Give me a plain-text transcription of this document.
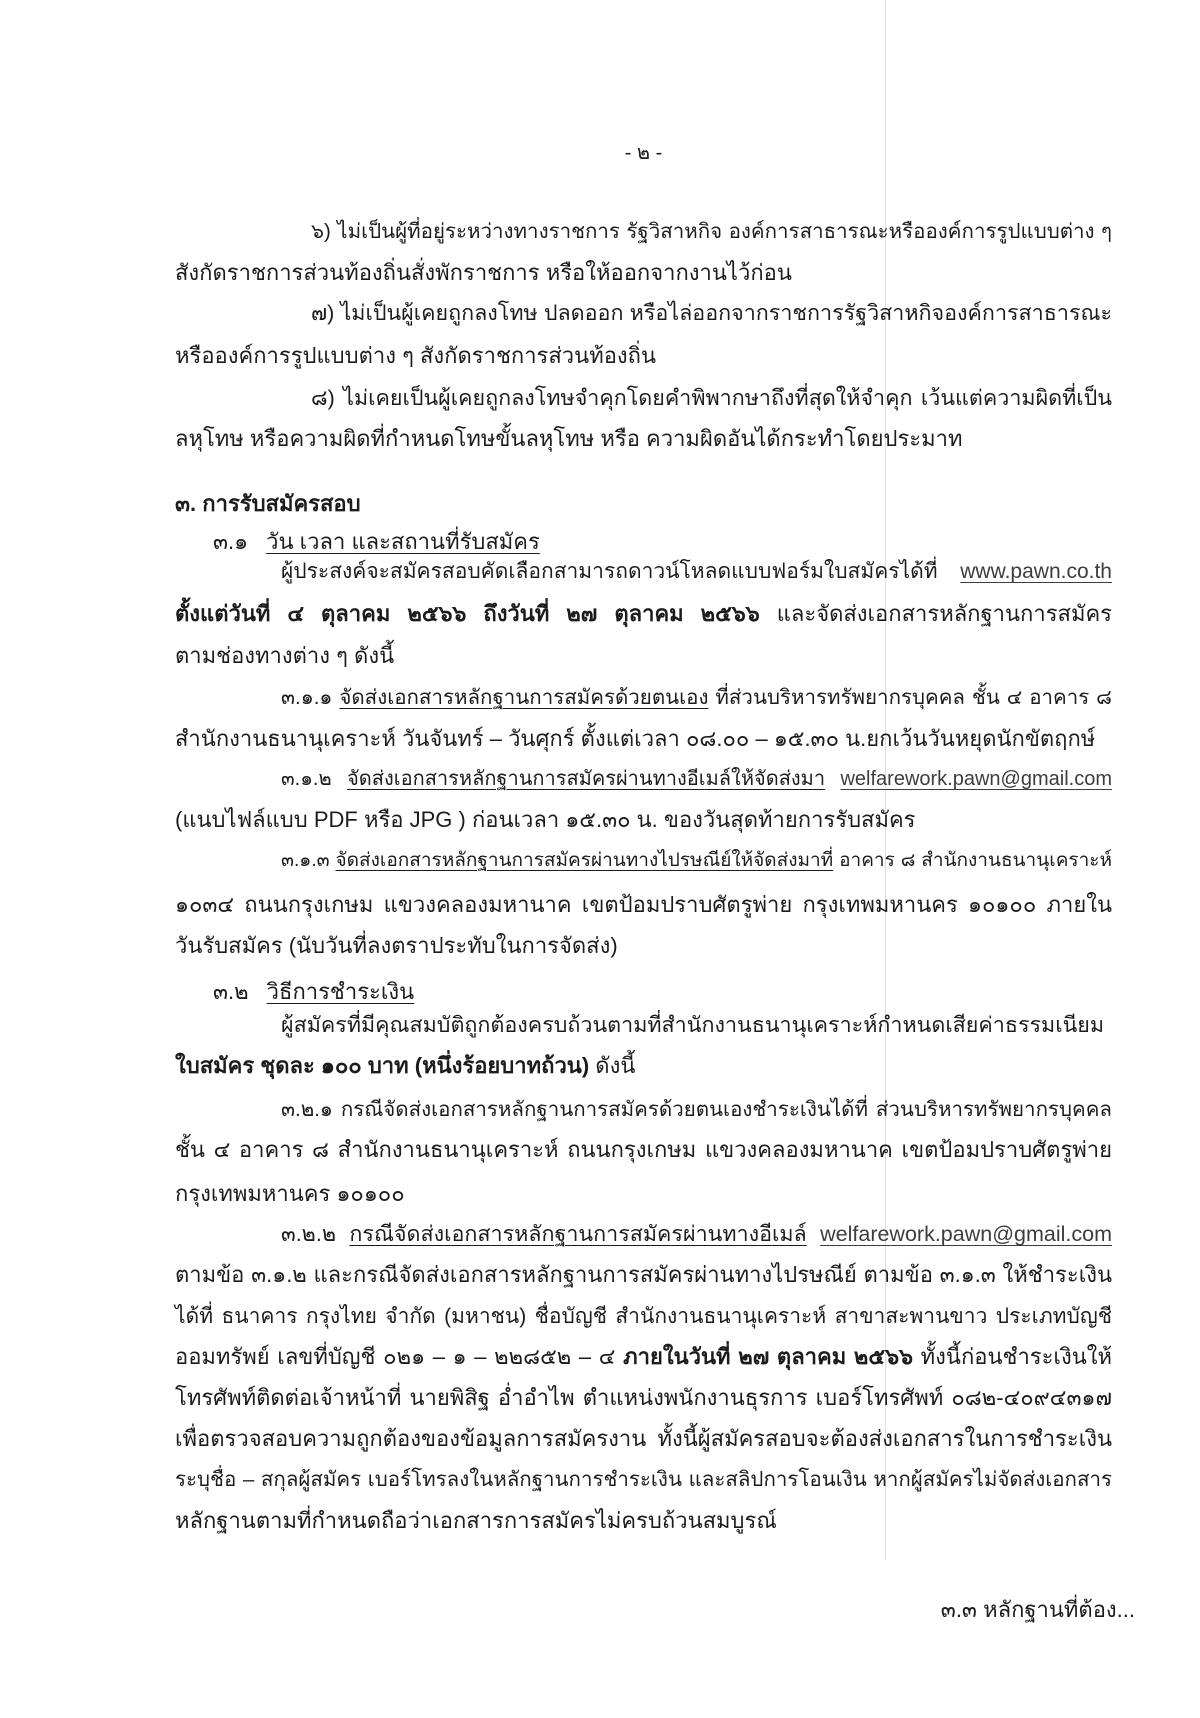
- ๒ -
๖) ไม่เป็นผู้ที่อยู่ระหว่างทางราชการ รัฐวิสาหกิจ องค์การสาธารณะหรือองค์การรูปแบบต่าง ๆ
สังกัดราชการส่วนท้องถิ่นสั่งพักราชการ หรือให้ออกจากงานไว้ก่อน
๗) ไม่เป็นผู้เคยถูกลงโทษ ปลดออก หรือไล่ออกจากราชการรัฐวิสาหกิจองค์การสาธารณะ
หรือองค์การรูปแบบต่าง ๆ สังกัดราชการส่วนท้องถิ่น
๘) ไม่เคยเป็นผู้เคยถูกลงโทษจำคุกโดยคำพิพากษาถึงที่สุดให้จำคุก เว้นแต่ความผิดที่เป็น
ลหุโทษ หรือความผิดที่กำหนดโทษขั้นลหุโทษ หรือ ความผิดอันได้กระทำโดยประมาท
๓. การรับสมัครสอบ
๓.๑ วัน เวลา และสถานที่รับสมัคร
ผู้ประสงค์จะสมัครสอบคัดเลือกสามารถดาวน์โหลดแบบฟอร์มใบสมัครได้ที่ www.pawn.co.th
ตั้งแต่วันที่ ๔ ตุลาคม ๒๕๖๖ ถึงวันที่ ๒๗ ตุลาคม ๒๕๖๖ และจัดส่งเอกสารหลักฐานการสมัคร
ตามช่องทางต่าง ๆ ดังนี้
๓.๑.๑ จัดส่งเอกสารหลักฐานการสมัครด้วยตนเอง ที่ส่วนบริหารทรัพยากรบุคคล ชั้น ๔ อาคาร ๘
สำนักงานธนานุเคราะห์ วันจันทร์ – วันศุกร์ ตั้งแต่เวลา ๐๘.๐๐ – ๑๕.๓๐ น.ยกเว้นวันหยุดนักขัตฤกษ์
๓.๑.๒ จัดส่งเอกสารหลักฐานการสมัครผ่านทางอีเมล์ให้จัดส่งมา welfarework.pawn@gmail.com
(แนบไฟล์แบบ PDF หรือ JPG ) ก่อนเวลา ๑๕.๓๐ น. ของวันสุดท้ายการรับสมัคร
๓.๑.๓ จัดส่งเอกสารหลักฐานการสมัครผ่านทางไปรษณีย์ให้จัดส่งมาที่ อาคาร ๘ สำนักงานธนานุเคราะห์
๑๐๓๔ ถนนกรุงเกษม แขวงคลองมหานาค เขตป้อมปราบศัตรูพ่าย กรุงเทพมหานคร ๑๐๑๐๐ ภายใน
วันรับสมัคร (นับวันที่ลงตราประทับในการจัดส่ง)
๓.๒ วิธีการชำระเงิน
ผู้สมัครที่มีคุณสมบัติถูกต้องครบถ้วนตามที่สำนักงานธนานุเคราะห์กำหนดเสียค่าธรรมเนียม
ใบสมัคร ชุดละ ๑๐๐ บาท (หนึ่งร้อยบาทถ้วน) ดังนี้
๓.๒.๑ กรณีจัดส่งเอกสารหลักฐานการสมัครด้วยตนเองชำระเงินได้ที่ ส่วนบริหารทรัพยากรบุคคล
ชั้น ๔ อาคาร ๘ สำนักงานธนานุเคราะห์ ถนนกรุงเกษม แขวงคลองมหานาค เขตป้อมปราบศัตรูพ่าย
กรุงเทพมหานคร ๑๐๑๐๐
๓.๒.๒ กรณีจัดส่งเอกสารหลักฐานการสมัครผ่านทางอีเมล์ welfarework.pawn@gmail.com
ตามข้อ ๓.๑.๒ และกรณีจัดส่งเอกสารหลักฐานการสมัครผ่านทางไปรษณีย์ ตามข้อ ๓.๑.๓ ให้ชำระเงิน
ได้ที่ ธนาคาร กรุงไทย จำกัด (มหาชน) ชื่อบัญชี สำนักงานธนานุเคราะห์ สาขาสะพานขาว ประเภทบัญชี
ออมทรัพย์ เลขที่บัญชี ๐๒๑ – ๑ – ๒๒๘๕๒ – ๔ ภายในวันที่ ๒๗ ตุลาคม ๒๕๖๖ ทั้งนี้ก่อนชำระเงินให้
โทรศัพท์ติดต่อเจ้าหน้าที่ นายพิสิฐ อ่ำอำไพ ตำแหน่งพนักงานธุรการ เบอร์โทรศัพท์ ๐๘๒-๔๐๙๔๓๑๗
เพื่อตรวจสอบความถูกต้องของข้อมูลการสมัครงาน ทั้งนี้ผู้สมัครสอบจะต้องส่งเอกสารในการชำระเงิน
ระบุชื่อ – สกุลผู้สมัคร เบอร์โทรลงในหลักฐานการชำระเงิน และสลิปการโอนเงิน หากผู้สมัครไม่จัดส่งเอกสาร
หลักฐานตามที่กำหนดถือว่าเอกสารการสมัครไม่ครบถ้วนสมบูรณ์
๓.๓ หลักฐานที่ต้อง...
